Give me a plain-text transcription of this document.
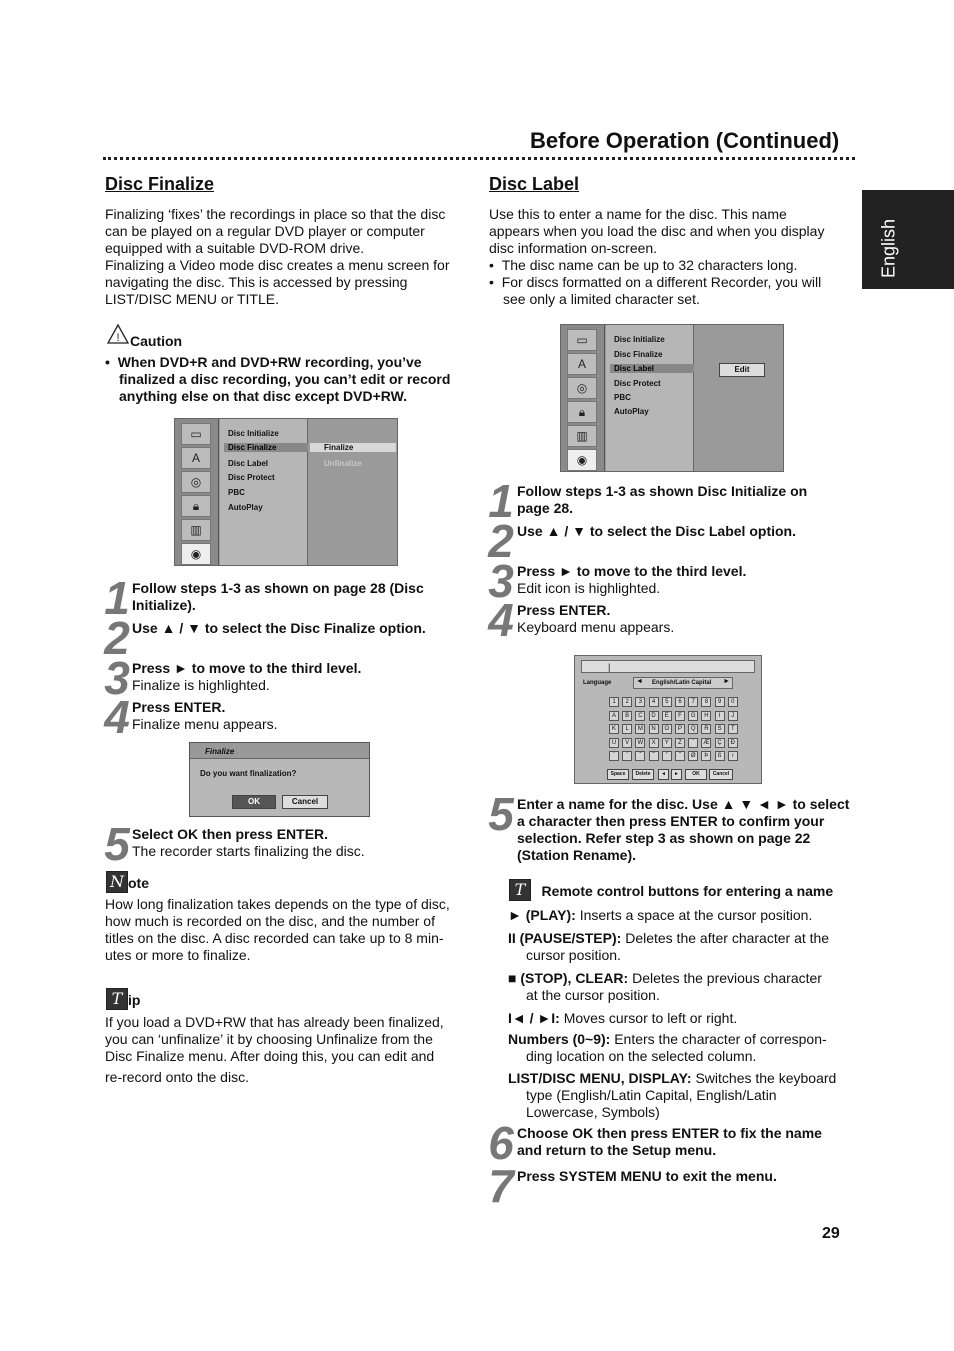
Before Operation (Continued)
English
Disc Finalize
Finalizing ‘fixes’ the recordings in place so that the disc
can be played on a regular DVD player or computer
equipped with a suitable DVD-ROM drive.
Finalizing a Video mode disc creates a menu screen for
navigating the disc. This is accessed by pressing
LIST/DISC MENU or TITLE.
! Caution
•  When DVD+R and DVD+RW recording, you’ve
finalized a disc recording, you can’t edit or record
anything else on that disc except DVD+RW.
▭
A
◎
🔒︎
▥
◉
Disc Initialize
Disc Finalize
Disc Label
Disc Protect
PBC
AutoPlay
Finalize
Unfinalize
1 Follow steps 1-3 as shown on page 28 (Disc
Initialize).
2 Use ▲ / ▼ to select the Disc Finalize option.
3 Press ► to move to the third level.
Finalize is highlighted.
4 Press ENTER.
Finalize menu appears.
Finalize
Do you want finalization?
OK	Cancel
5 Select OK then press ENTER.
The recorder starts finalizing the disc.
N ote
How long finalization takes depends on the type of disc,
how much is recorded on the disc, and the number of
titles on the disc. A disc recorded can take up to 8 min-
utes or more to finalize.
T ip
If you load a DVD+RW that has already been finalized,
you can ‘unfinalize’ it by choosing Unfinalize from the
Disc Finalize menu. After doing this, you can edit and
re-record onto the disc.
Disc Label
Use this to enter a name for the disc. This name
appears when you load the disc and when you display
disc information on-screen.
•  The disc name can be up to 32 characters long.
•  For discs formatted on a different Recorder, you will
see only a limited character set.
▭
A
◎
🔒︎
▥
◉
Disc Initialize
Disc Finalize
Disc Label
Disc Protect
PBC
AutoPlay
Edit
1 Follow steps 1-3 as shown Disc Initialize on
page 28.
2 Use ▲ / ▼ to select the Disc Label option.
3 Press ► to move to the third level.
Edit icon is highlighted.
4 Press ENTER.
Keyboard menu appears.
|
Language	◄ English/Latin Capital ►
1	2	3	4	5	6	7	8	9	0
A	B	C	D	E	F	G	H	I	J
K	L	M	N	O	P	Q	R	S	T
U	V	W	X	Y	Z	`	Æ	Ç	Ð
´	¨	ˆ	˜	˚	ˇ	Ø	Þ	ß	ı
Space	Delete	◄	►	OK	Cancel
5 Enter a name for the disc. Use ▲ ▼ ◄ ► to select
a character then press ENTER to confirm your
selection. Refer step 3 as shown on page 22
(Station Rename).
T Remote control buttons for entering a name
► (PLAY): Inserts a space at the cursor position.
II (PAUSE/STEP): Deletes the after character at the
cursor position.
■ (STOP), CLEAR: Deletes the previous character
at the cursor position.
I◄ / ►I: Moves cursor to left or right.
Numbers (0~9): Enters the character of correspon-
ding location on the selected column.
LIST/DISC MENU, DISPLAY: Switches the keyboard
type (English/Latin Capital, English/Latin
Lowercase, Symbols)
6 Choose OK then press ENTER to fix the name
and return to the Setup menu.
7 Press SYSTEM MENU to exit the menu.
29
